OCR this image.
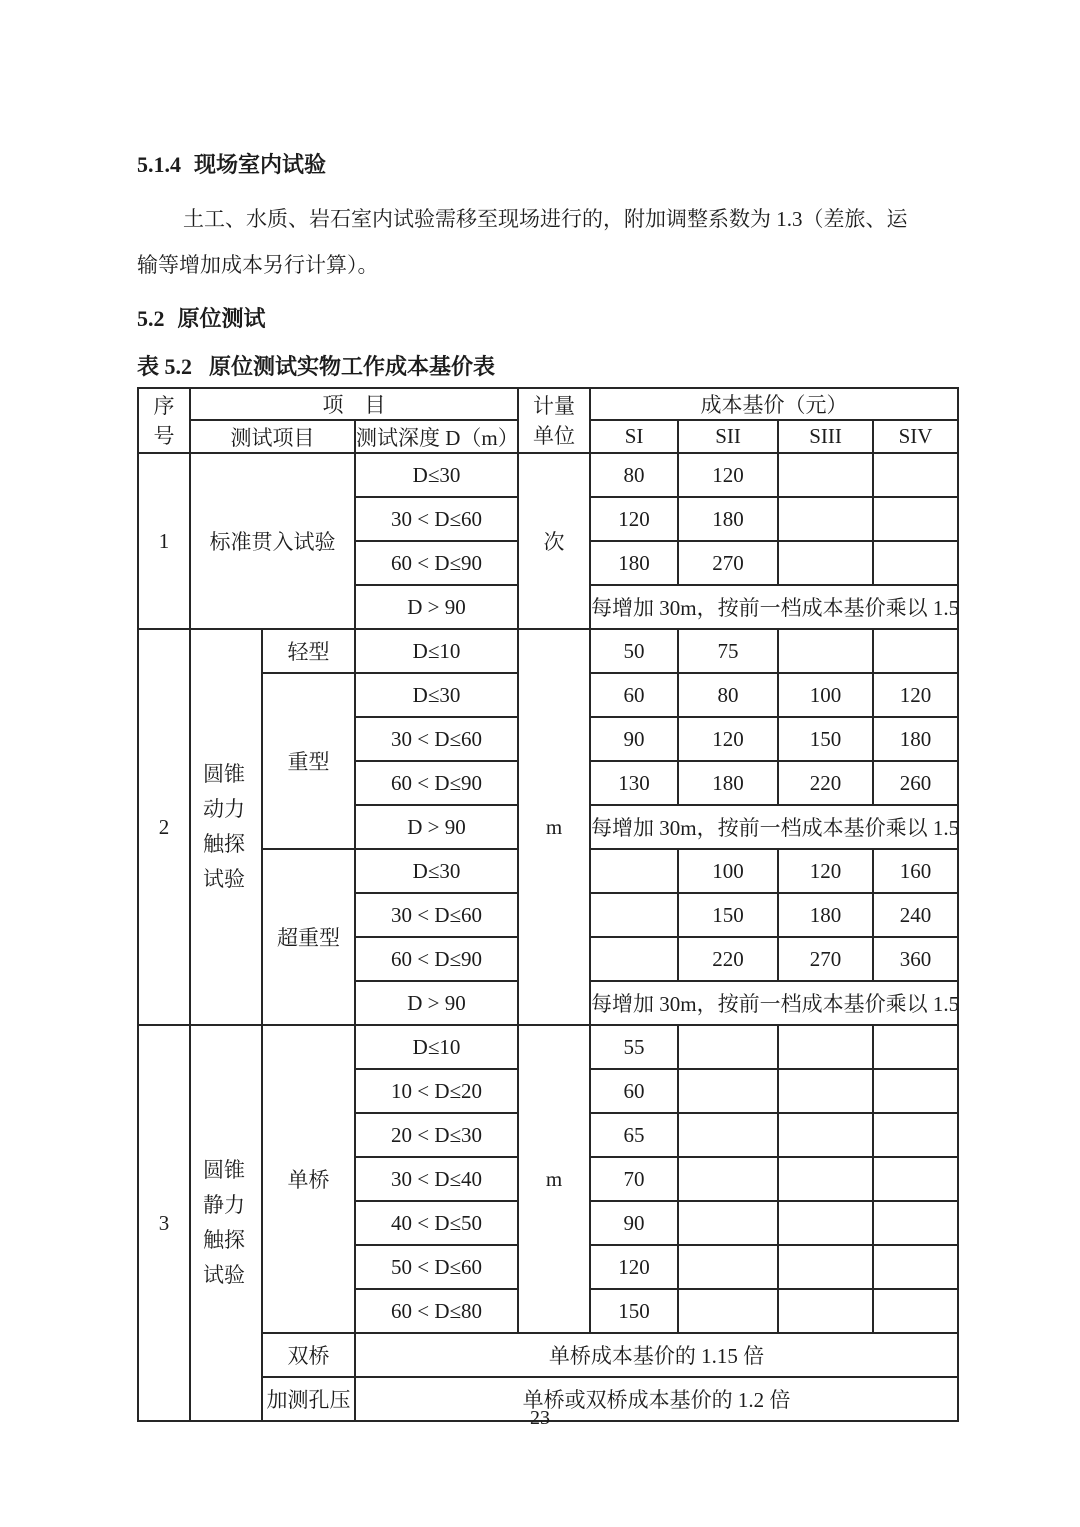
5.1.4 现场室内试验

土工、水质、岩石室内试验需移至现场进行的，附加调整系数为 1.3（差旅、运
输等增加成本另行计算）。

5.2 原位测试
表 5.2 原位测试实物工作成本基价表
序号	项　目			计量单位	成本基价（元）			
	测试项目		测试深度 D（m）		SI	SII	SIII	SIV
1	标准贯入试验		D≤30	次	80	120		
			30 < D≤60		120	180		
			60 < D≤90		180	270		
			D > 90		每增加 30m，按前一档成本基价乘以 1.5			
2	圆锥动力触探试验	轻型	D≤10	m	50	75		
		重型	D≤30		60	80	100	120
			30 < D≤60		90	120	150	180
			60 < D≤90		130	180	220	260
			D > 90		每增加 30m，按前一档成本基价乘以 1.5			
		超重型	D≤30			100	120	160
			30 < D≤60			150	180	240
			60 < D≤90			220	270	360
			D > 90		每增加 30m，按前一档成本基价乘以 1.5			
3	圆锥静力触探试验	单桥	D≤10	m	55			
			10 < D≤20		60			
			20 < D≤30		65			
			30 < D≤40		70			
			40 < D≤50		90			
			50 < D≤60		120			
			60 < D≤80		150			
		双桥	单桥成本基价的 1.15 倍					
		加测孔压	单桥或双桥成本基价的 1.2 倍					
23
